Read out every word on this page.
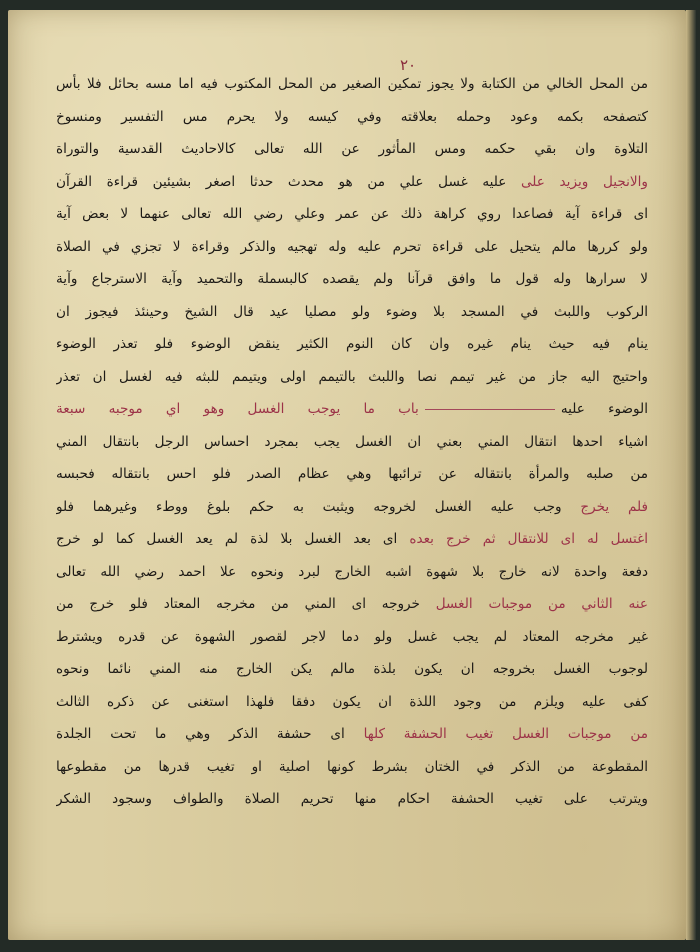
٢٠
من المحل الخالي من الكتابة ولا يجوز تمكين الصغير من المحل المكتوب فيه اما مسه بحائل فلا بأس
كتصفحه بكمه وعود وحمله بعلاقته وفي كيسه ولا يحرم مس التفسير ومنسوخ
التلاوة وان بقي حكمه ومس المأثور عن الله تعالى كالاحاديث القدسية والتوراة
والانجيل ويزيد على عليه غسل علي من هو محدث حدثا اصغر بشيئين قراءة القرآن
اى قراءة آية فصاعدا روي كراهة ذلك عن عمر وعلي رضي الله تعالى عنهما لا بعض آية
ولو كررها مالم يتحيل على قراءة تحرم عليه وله تهجيه والذكر وقراءة لا تجزي في الصلاة
لا سرارها وله قول ما وافق قرآنا ولم يقصده كالبسملة والتحميد وآية الاسترجاع وآية
الركوب واللبث في المسجد بلا وضوء ولو مصليا عيد قال الشيخ وحينئذ فيجوز ان
ينام فيه حيث ينام غيره وان كان النوم الكثير ينقض الوضوء فلو تعذر الوضوء
واحتيج اليه جاز من غير تيمم نصا واللبث بالتيمم اولى ويتيمم للبثه فيه لغسل ان تعذر
الوضوء عليهباب ما يوجب الغسل وهو اي موجبه سبعة
اشياء احدها انتقال المني بعني ان الغسل يجب بمجرد احساس الرجل بانتقال المني
من صلبه والمرأة بانتقاله عن ترائبها وهي عظام الصدر فلو احس بانتقاله فحبسه
فلم يخرج وجب عليه الغسل لخروجه ويثبت به حكم بلوغ ووطء وغيرهما فلو
اغتسل له اى للانتقال ثم خرج بعده اى بعد الغسل بلا لذة لم يعد الغسل كما لو خرج
دفعة واحدة لانه خارج بلا شهوة اشبه الخارج لبرد ونحوه علا احمد رضي الله تعالى
عنه الثاني من موجبات الغسل خروجه اى المني من مخرجه المعتاد فلو خرج من
غير مخرجه المعتاد لم يجب غسل ولو دما لاجر لقصور الشهوة عن قدره ويشترط
لوجوب الغسل بخروجه ان يكون بلذة مالم يكن الخارج منه المني نائما ونحوه
كفى عليه ويلزم من وجود اللذة ان يكون دفقا فلهذا استغنى عن ذكره الثالث
من موجبات الغسل تغيب الحشفة كلها اى حشفة الذكر وهي ما تحت الجلدة
المقطوعة من الذكر في الختان بشرط كونها اصلية او تغيب قدرها من مقطوعها
ويترتب على تغيب الحشفة احكام منها تحريم الصلاة والطواف وسجود الشكر
